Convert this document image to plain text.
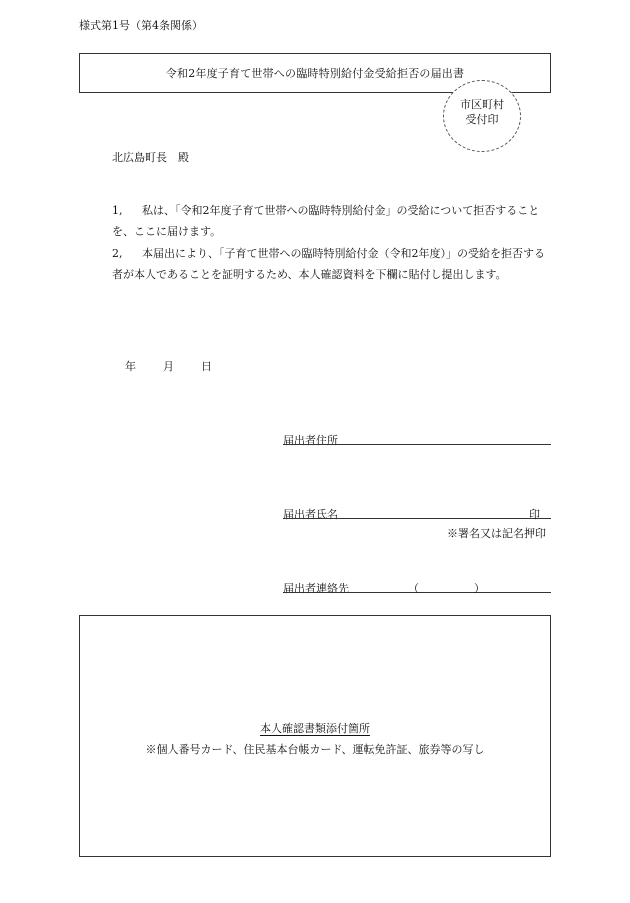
様式第1号（第4条関係）
令和2年度子育て世帯への臨時特別給付金受給拒否の届出書
市区町村
受付印
北広島町長　殿
1,	私は、「令和2年度子育て世帯への臨時特別給付金」の受給について拒否することを、ここに届けます。
2,	本届出により、「子育て世帯への臨時特別給付金（令和2年度）」の受給を拒否する者が本人であることを証明するため、本人確認資料を下欄に貼付し提出します。
年 月 日
届出者住所
届出者氏名	印
※署名又は記名押印
届出者連絡先	（	）
本人確認書類添付箇所
※個人番号カード、住民基本台帳カード、運転免許証、旅券等の写し
